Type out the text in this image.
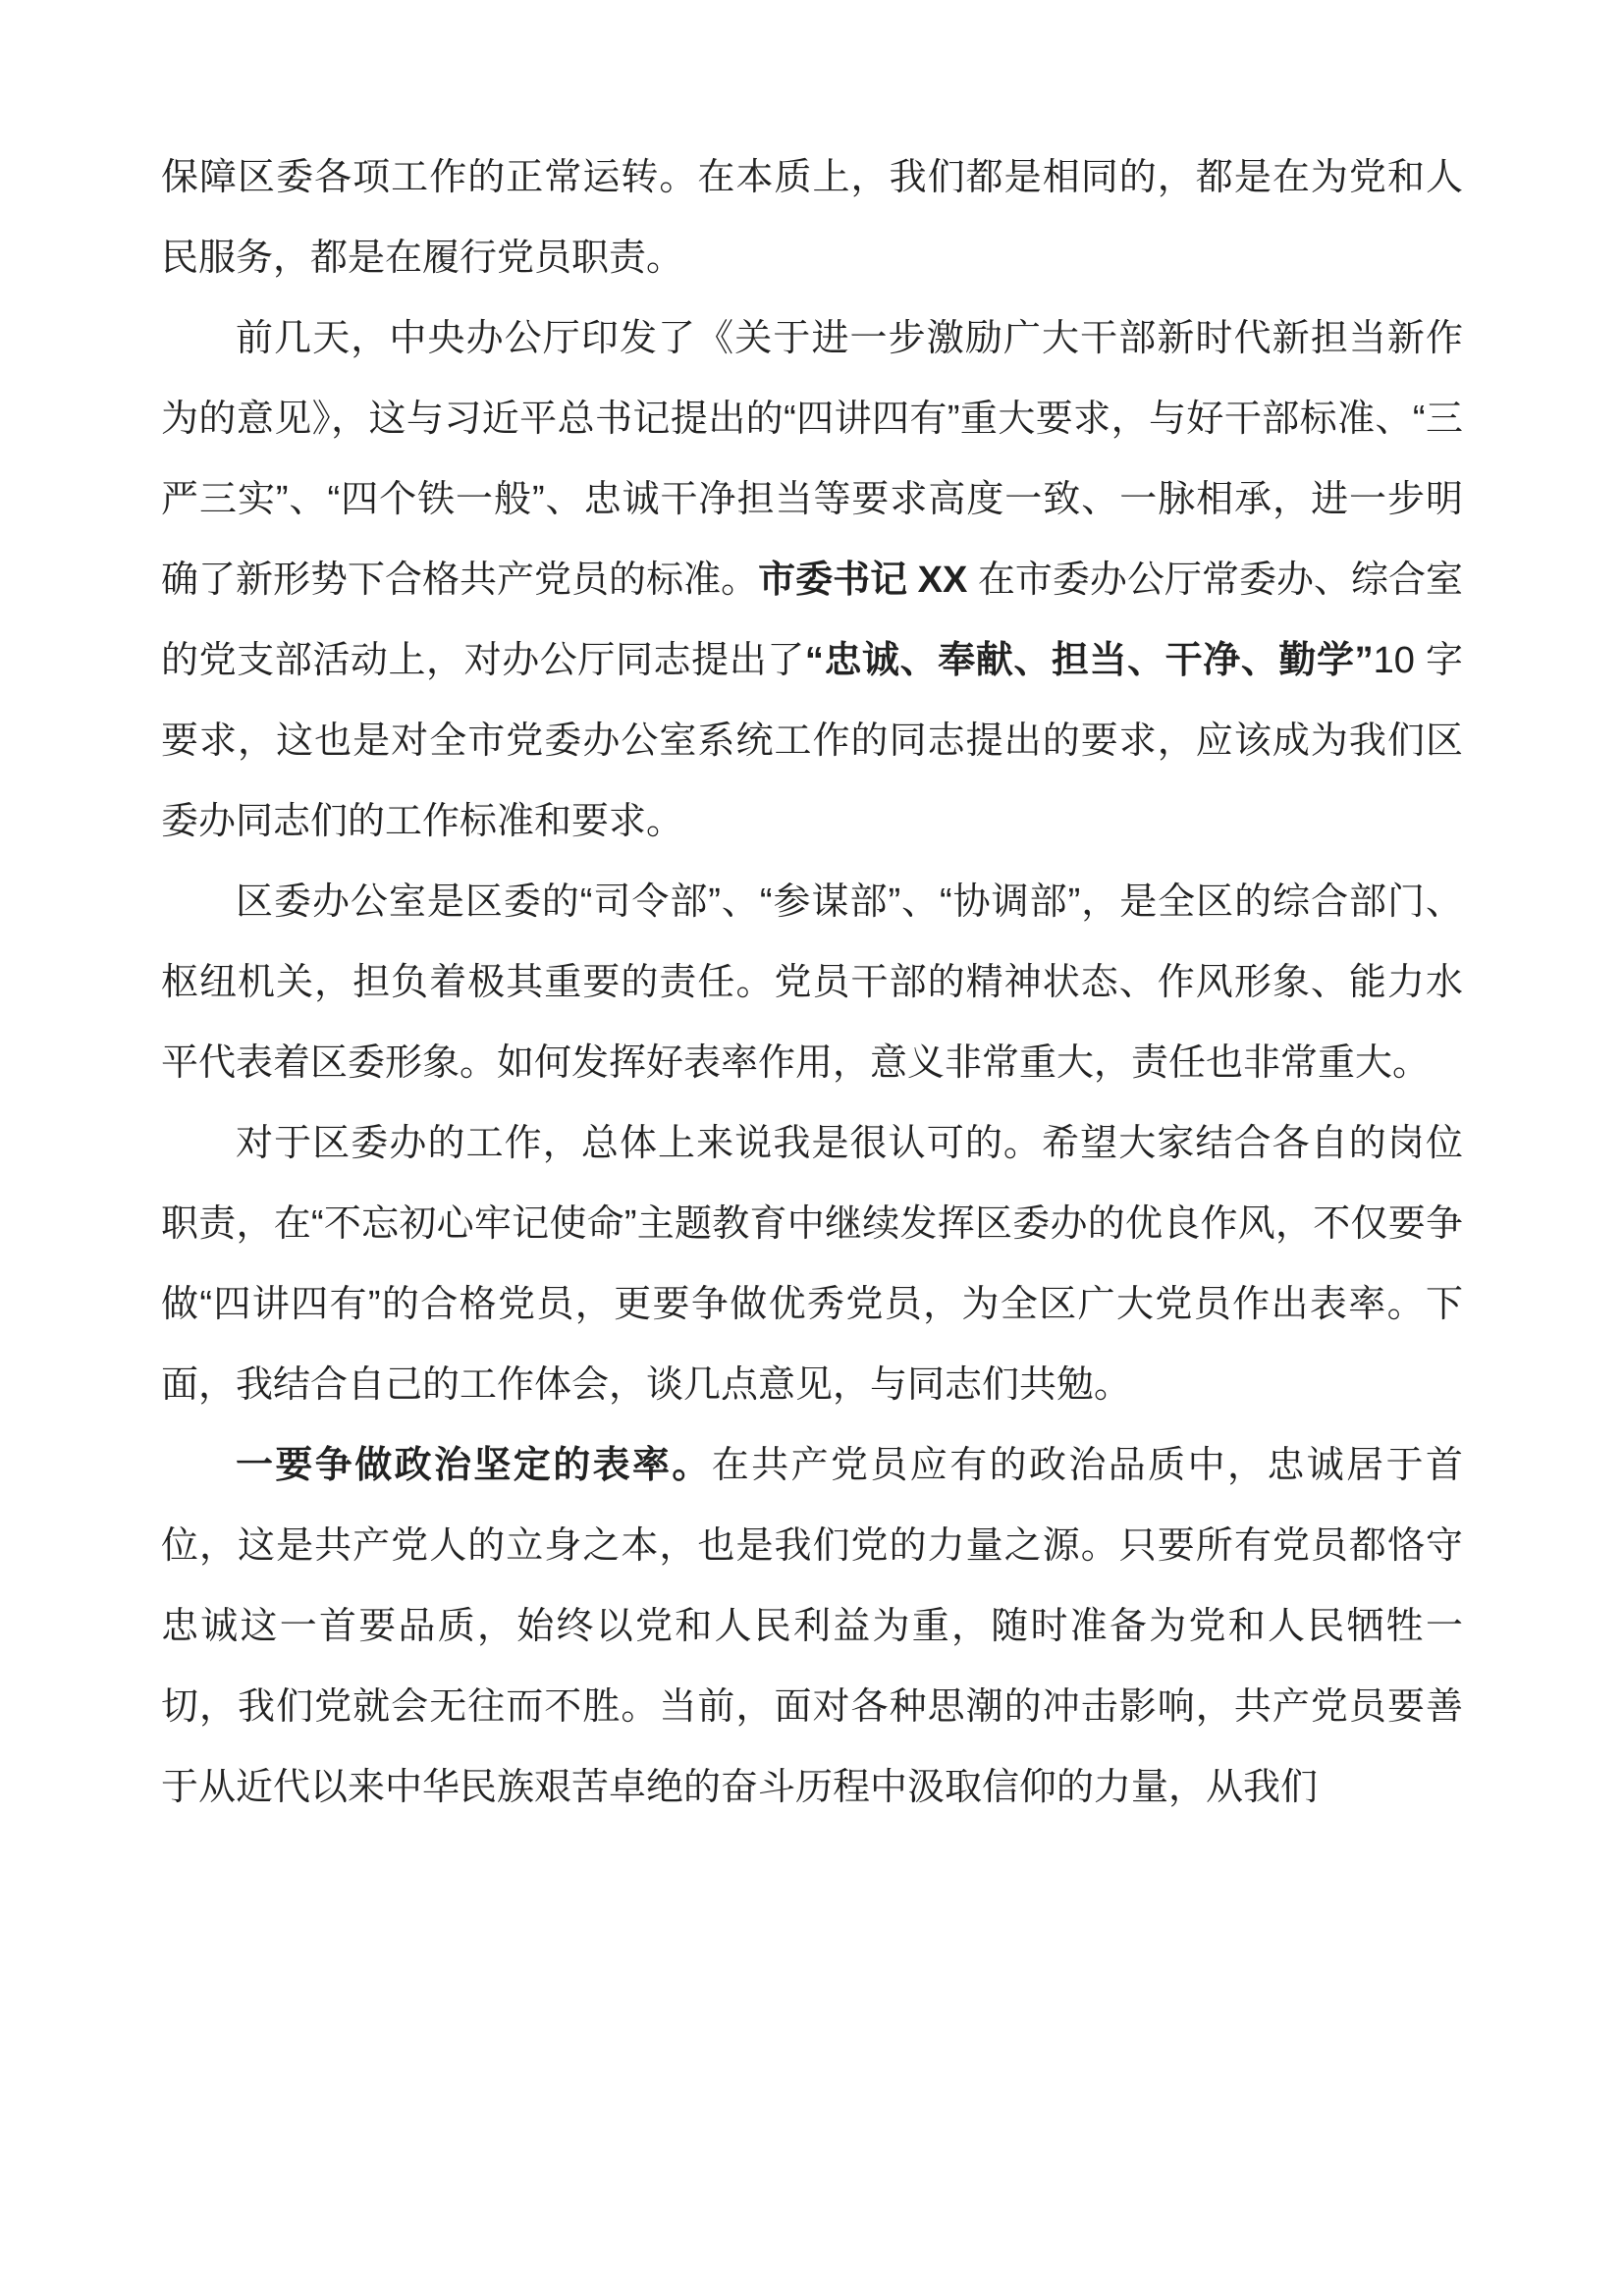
保障区委各项工作的正常运转。在本质上，我们都是相同的，都是在为党和人民服务，都是在履行党员职责。

前几天，中央办公厅印发了《关于进一步激励广大干部新时代新担当新作为的意见》，这与习近平总书记提出的“四讲四有”重大要求，与好干部标准、“三严三实”、“四个铁一般”、忠诚干净担当等要求高度一致、一脉相承，进一步明确了新形势下合格共产党员的标准。市委书记 XX 在市委办公厅常委办、综合室的党支部活动上，对办公厅同志提出了“忠诚、奉献、担当、干净、勤学”10 字要求，这也是对全市党委办公室系统工作的同志提出的要求，应该成为我们区委办同志们的工作标准和要求。

区委办公室是区委的“司令部”、“参谋部”、“协调部”，是全区的综合部门、枢纽机关，担负着极其重要的责任。党员干部的精神状态、作风形象、能力水平代表着区委形象。如何发挥好表率作用，意义非常重大，责任也非常重大。

对于区委办的工作，总体上来说我是很认可的。希望大家结合各自的岗位职责，在“不忘初心牢记使命”主题教育中继续发挥区委办的优良作风，不仅要争做“四讲四有”的合格党员，更要争做优秀党员，为全区广大党员作出表率。下面，我结合自己的工作体会，谈几点意见，与同志们共勉。

一要争做政治坚定的表率。在共产党员应有的政治品质中，忠诚居于首位，这是共产党人的立身之本，也是我们党的力量之源。只要所有党员都恪守忠诚这一首要品质，始终以党和人民利益为重，随时准备为党和人民牺牲一切，我们党就会无往而不胜。当前，面对各种思潮的冲击影响，共产党员要善于从近代以来中华民族艰苦卓绝的奋斗历程中汲取信仰的力量，从我们
